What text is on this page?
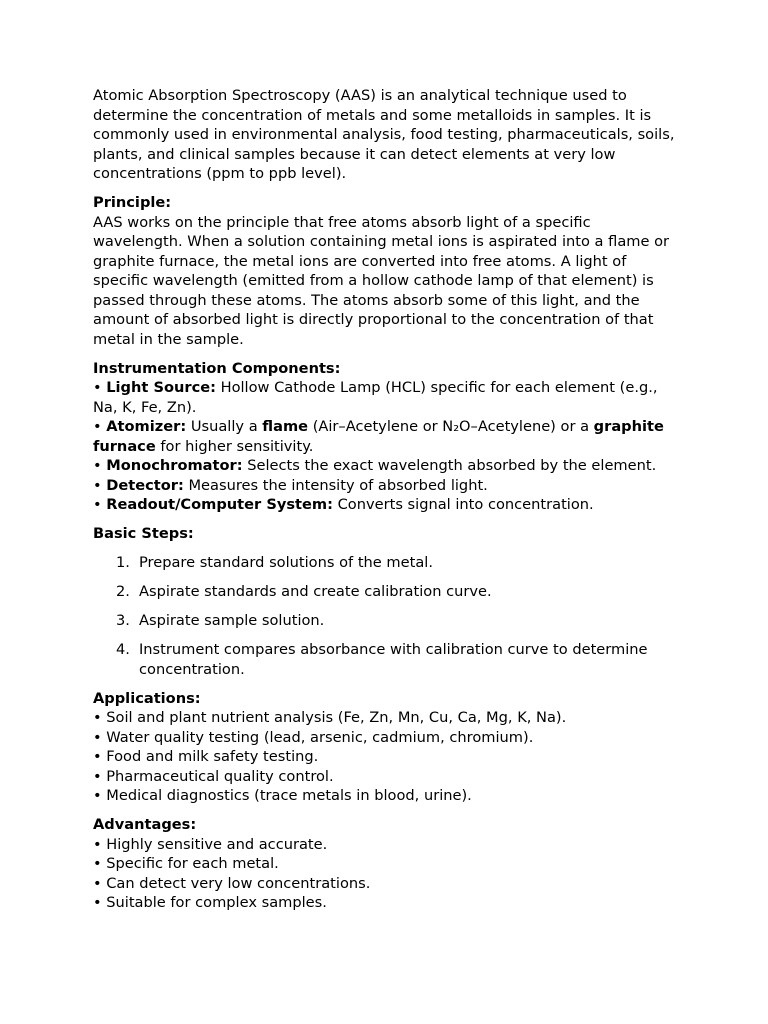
Atomic Absorption Spectroscopy (AAS) is an analytical technique used to determine the concentration of metals and some metalloids in samples. It is commonly used in environmental analysis, food testing, pharmaceuticals, soils, plants, and clinical samples because it can detect elements at very low concentrations (ppm to ppb level).

Principle:

AAS works on the principle that free atoms absorb light of a specific wavelength. When a solution containing metal ions is aspirated into a flame or graphite furnace, the metal ions are converted into free atoms. A light of specific wavelength (emitted from a hollow cathode lamp of that element) is passed through these atoms. The atoms absorb some of this light, and the amount of absorbed light is directly proportional to the concentration of that metal in the sample.

Instrumentation Components:

• Light Source: Hollow Cathode Lamp (HCL) specific for each element (e.g., Na, K, Fe, Zn).

• Atomizer: Usually a flame (Air–Acetylene or N₂O–Acetylene) or a graphite furnace for higher sensitivity.

• Monochromator: Selects the exact wavelength absorbed by the element.

• Detector: Measures the intensity of absorbed light.

• Readout/Computer System: Converts signal into concentration.

Basic Steps:

1. Prepare standard solutions of the metal.
2. Aspirate standards and create calibration curve.
3. Aspirate sample solution.
4. Instrument compares absorbance with calibration curve to determine concentration.

Applications:

• Soil and plant nutrient analysis (Fe, Zn, Mn, Cu, Ca, Mg, K, Na).

• Water quality testing (lead, arsenic, cadmium, chromium).

• Food and milk safety testing.

• Pharmaceutical quality control.

• Medical diagnostics (trace metals in blood, urine).

Advantages:

• Highly sensitive and accurate.

• Specific for each metal.

• Can detect very low concentrations.

• Suitable for complex samples.
